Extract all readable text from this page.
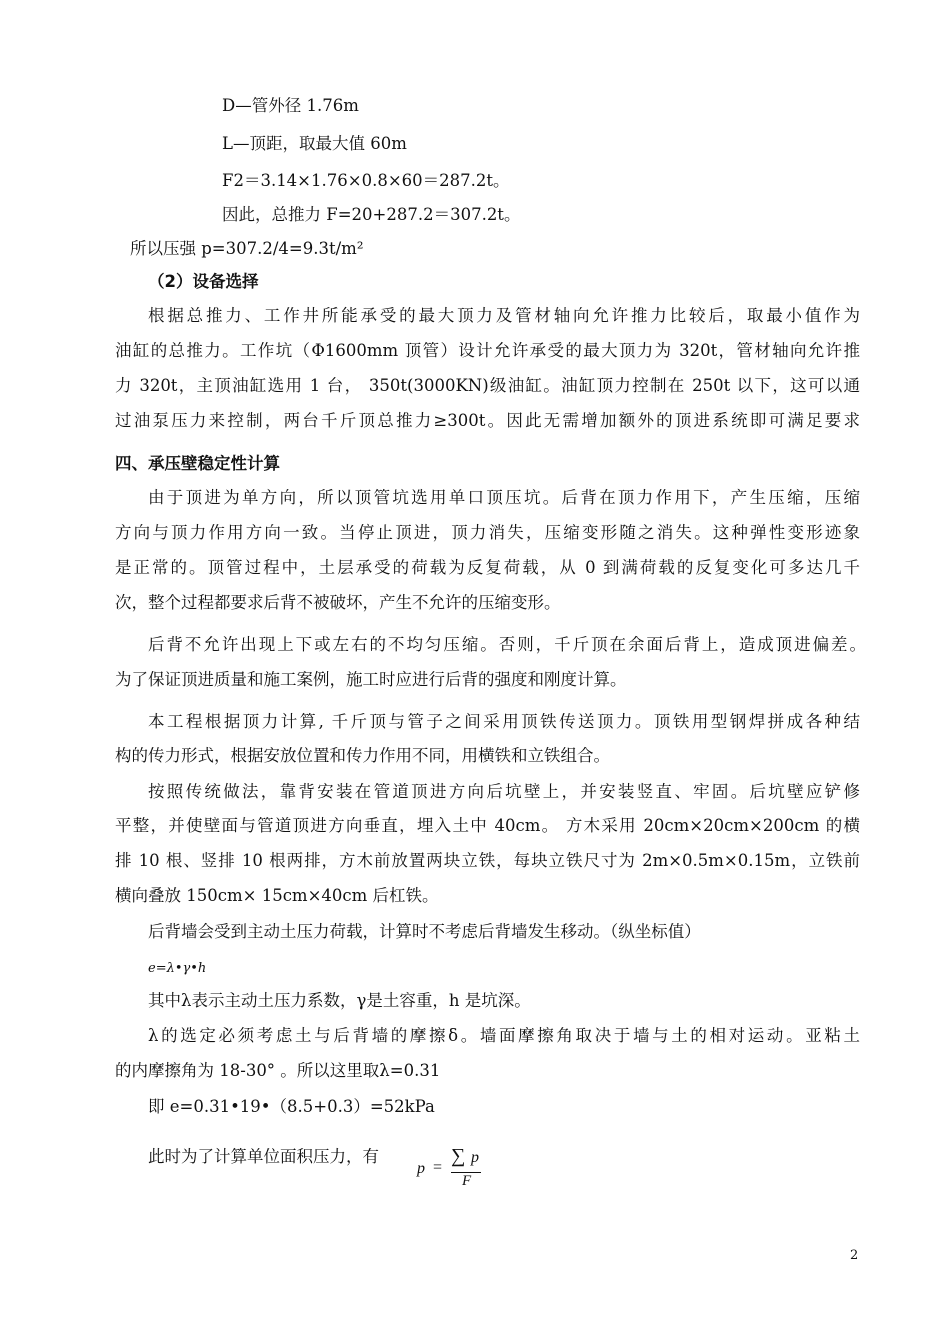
D—管外径 1.76m

L—顶距，取最大值 60m

F2＝3.14×1.76×0.8×60＝287.2t。

因此，总推力 F=20+287.2＝307.2t。

所以压强 p=307.2/4=9.3t/m²

（2）设备选择

根据总推力、工作井所能承受的最大顶力及管材轴向允许推力比较后，取最小值作为

油缸的总推力。工作坑（Φ1600mm 顶管）设计允许承受的最大顶力为 320t，管材轴向允许推

力 320t，主顶油缸选用 1 台， 350t(3000KN)级油缸。油缸顶力控制在 250t 以下，这可以通

过油泵压力来控制，两台千斤顶总推力≥300t。因此无需增加额外的顶进系统即可满足要求

四、承压壁稳定性计算

由于顶进为单方向，所以顶管坑选用单口顶压坑。后背在顶力作用下，产生压缩，压缩

方向与顶力作用方向一致。当停止顶进，顶力消失，压缩变形随之消失。这种弹性变形迹象

是正常的。顶管过程中，土层承受的荷载为反复荷载，从 0 到满荷载的反复变化可多达几千

次，整个过程都要求后背不被破坏，产生不允许的压缩变形。

后背不允许出现上下或左右的不均匀压缩。否则，千斤顶在余面后背上，造成顶进偏差。

为了保证顶进质量和施工案例，施工时应进行后背的强度和刚度计算。

本工程根据顶力计算, 千斤顶与管子之间采用顶铁传送顶力。顶铁用型钢焊拼成各种结

构的传力形式，根据安放位置和传力作用不同，用横铁和立铁组合。

按照传统做法，靠背安装在管道顶进方向后坑壁上，并安装竖直、牢固。后坑壁应铲修

平整，并使壁面与管道顶进方向垂直，埋入土中 40cm。 方木采用 20cm×20cm×200cm 的横

排 10 根、竖排 10 根两排，方木前放置两块立铁，每块立铁尺寸为 2m×0.5m×0.15m，立铁前

横向叠放 150cm× 15cm×40cm 后杠铁。

后背墙会受到主动土压力荷载，计算时不考虑后背墙发生移动。（纵坐标值）

e=λ•γ•h

其中λ表示主动土压力系数，γ是土容重，h 是坑深。

λ的选定必须考虑土与后背墙的摩擦δ。墙面摩擦角取决于墙与土的相对运动。亚粘土

的内摩擦角为 18-30° 。所以这里取λ=0.31

即 e=0.31•19•（8.5+0.3）=52kPa

此时为了计算单位面积压力，有

p =
∑ p
F
2
